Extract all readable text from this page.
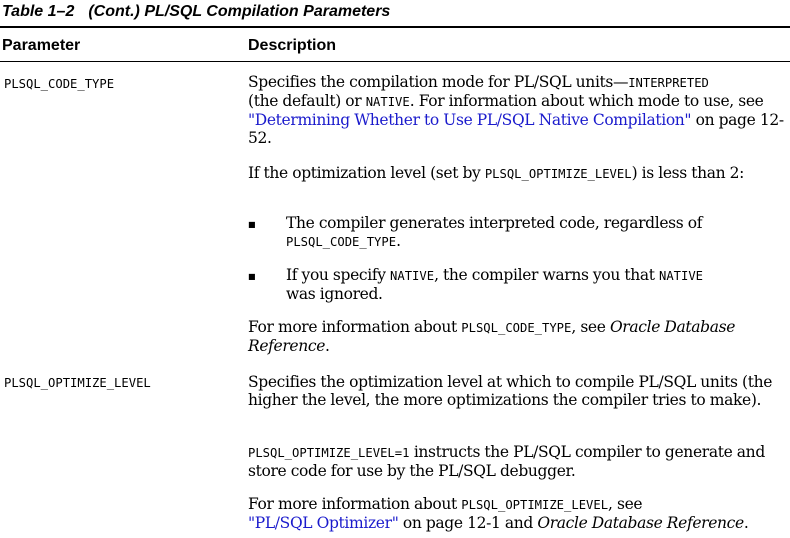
Table 1–2 (Cont.) PL/SQL Compilation Parameters
Parameter	Description
PLSQL_CODE_TYPE	Specifies the compilation mode for PL/SQL units—INTERPRETED
(the default) or NATIVE. For information about which mode to use, see "Determining Whether to Use PL/SQL Native Compilation" on page 12-52.

If the optimization level (set by PLSQL_OPTIMIZE_LEVEL) is less than 2:

■ The compiler generates interpreted code, regardless of
PLSQL_CODE_TYPE.
■ If you specify NATIVE, the compiler warns you that NATIVE
was ignored.

For more information about PLSQL_CODE_TYPE, see Oracle Database Reference.

PLSQL_OPTIMIZE_LEVEL	Specifies the optimization level at which to compile PL/SQL units (the higher the level, the more optimizations the compiler tries to make).

PLSQL_OPTIMIZE_LEVEL=1 instructs the PL/SQL compiler to generate and store code for use by the PL/SQL debugger.

For more information about PLSQL_OPTIMIZE_LEVEL, see
"PL/SQL Optimizer" on page 12-1 and Oracle Database Reference.
